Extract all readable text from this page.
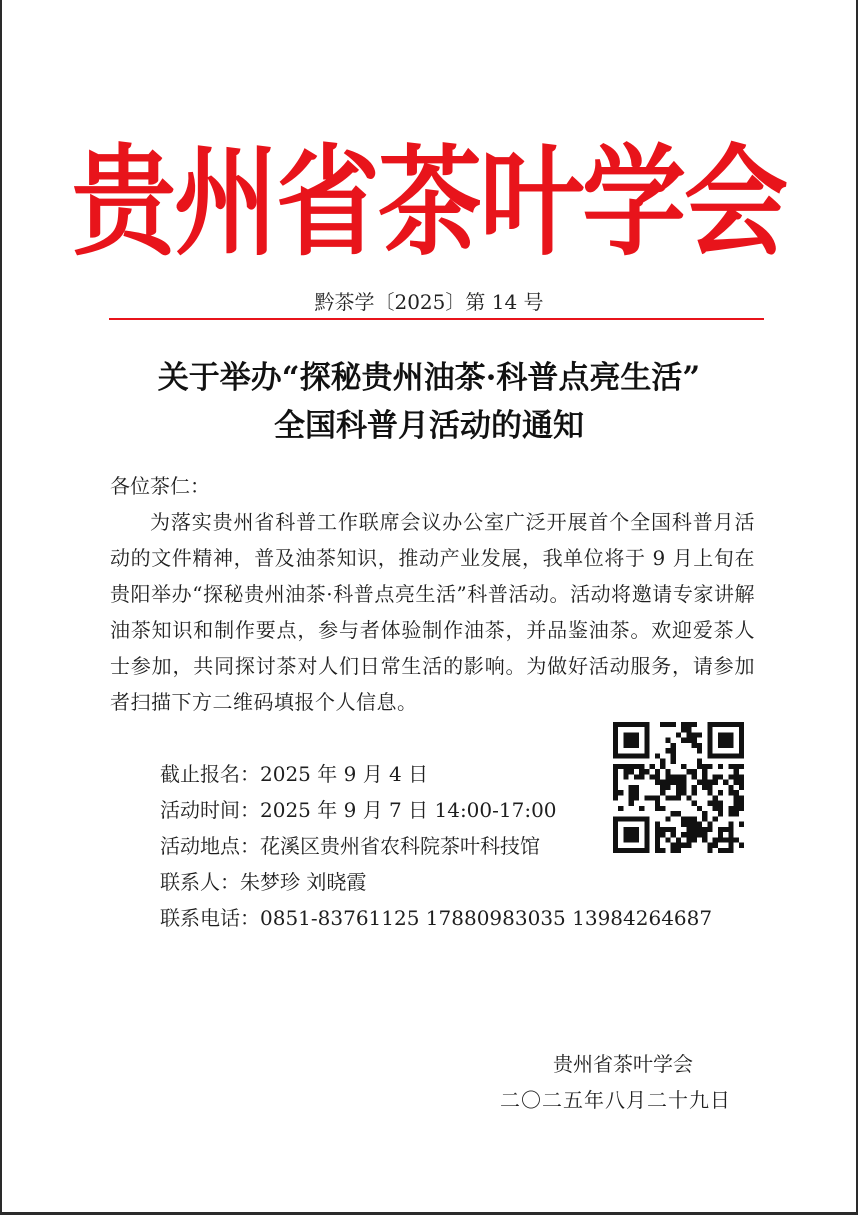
贵州省茶叶学会
黔茶学〔2025〕第 14 号
关于举办“探秘贵州油茶·科普点亮生活”
全国科普月活动的通知
各位茶仁：
为落实贵州省科普工作联席会议办公室广泛开展首个全国科普月活动的文件精神，普及油茶知识，推动产业发展，我单位将于 9 月上旬在贵阳举办“探秘贵州油茶·科普点亮生活”科普活动。活动将邀请专家讲解油茶知识和制作要点，参与者体验制作油茶，并品鉴油茶。欢迎爱茶人士参加，共同探讨茶对人们日常生活的影响。为做好活动服务，请参加者扫描下方二维码填报个人信息。
截止报名：2025 年 9 月 4 日
活动时间：2025 年 9 月 7 日 14:00-17:00
活动地点：花溪区贵州省农科院茶叶科技馆
联系人：朱梦珍 刘晓霞
联系电话：0851-83761125 17880983035 13984264687
贵州省茶叶学会
二〇二五年八月二十九日
